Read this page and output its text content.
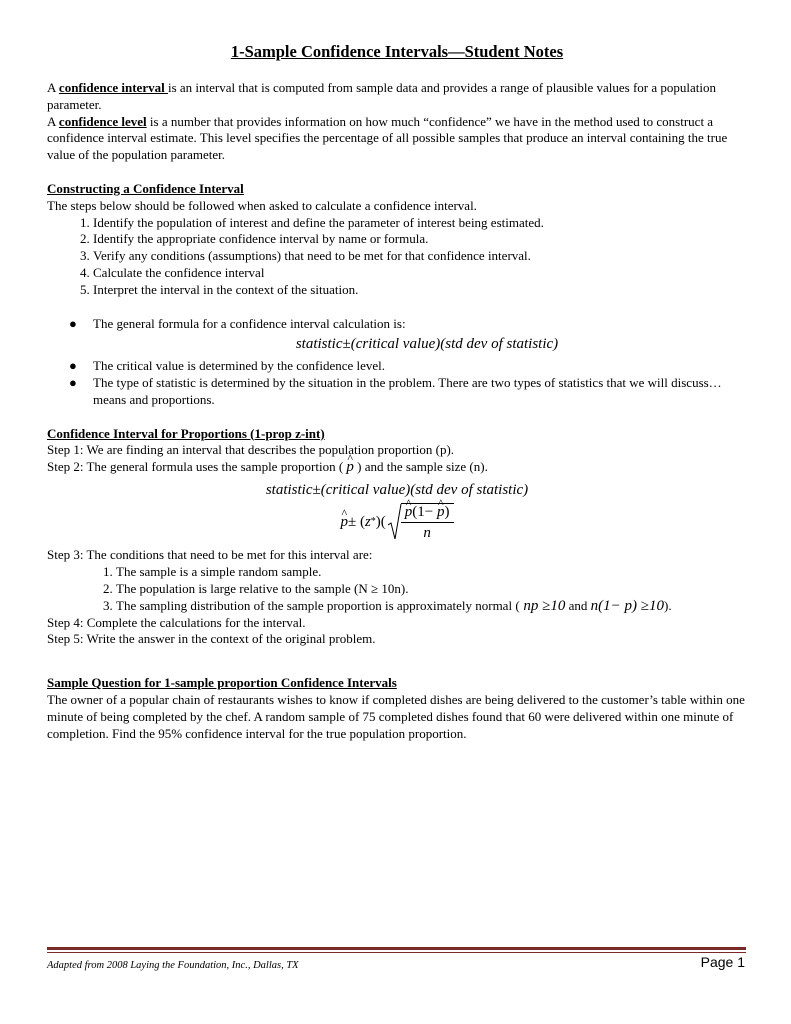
1-Sample Confidence Intervals—Student Notes

A confidence interval is an interval that is computed from sample data and provides a range of plausible values for a population parameter.

A confidence level is a number that provides information on how much “confidence” we have in the method used to construct a confidence interval estimate. This level specifies the percentage of all possible samples that produce an interval containing the true value of the population parameter.

Constructing a Confidence Interval

The steps below should be followed when asked to calculate a confidence interval.

1. Identify the population of interest and define the parameter of interest being estimated.
2. Identify the appropriate confidence interval by name or formula.
3. Verify any conditions (assumptions) that need to be met for that confidence interval.
4. Calculate the confidence interval
5. Interpret the interval in the context of the situation.
● The general formula for a confidence interval calculation is:
statistic±(critical value)(std dev of statistic)
● The critical value is determined by the confidence level.
● The type of statistic is determined by the situation in the problem. There are two types of statistics that we will discuss…means and proportions.

Confidence Interval for Proportions (1-prop z-int)

Step 1: We are finding an interval that describes the population proportion (p).

Step 2: The general formula uses the sample proportion ( ^ p ) and the sample size (n).

statistic±(critical value)(std dev of statistic)
^ p ± ( z * )(
^ $\frac{p(1- \^{} p)}{n}$

Step 3: The conditions that need to be met for this interval are:

1. The sample is a simple random sample.
2. The population is large relative to the sample (N ≥ 10n).
3. The sampling distribution of the sample proportion is approximately normal ( np ≥10 and n(1− p) ≥10).

Step 4: Complete the calculations for the interval.

Step 5: Write the answer in the context of the original problem.

Sample Question for 1-sample proportion Confidence Intervals

The owner of a popular chain of restaurants wishes to know if completed dishes are being delivered to the customer’s table within one minute of being completed by the chef. A random sample of 75 completed dishes found that 60 were delivered within one minute of completion. Find the 95% confidence interval for the true population proportion.

Adapted from 2008 Laying the Foundation, Inc., Dallas, TX	Page 1
